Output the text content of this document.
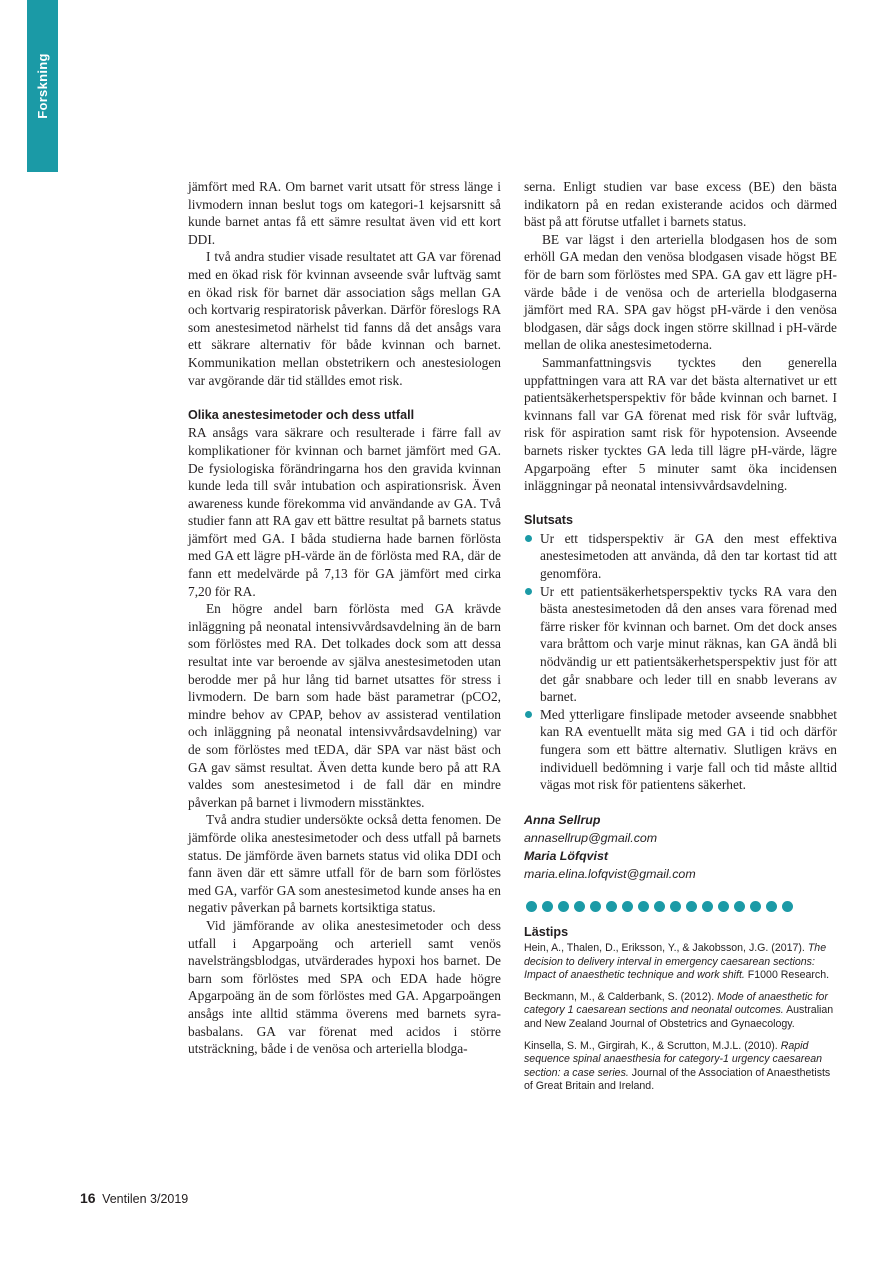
Forskning

jämfört med RA. Om barnet varit utsatt för stress länge i livmodern innan beslut togs om kategori-1 kejsarsnitt så kunde barnet antas få ett sämre resultat även vid ett kort DDI.

I två andra studier visade resultatet att GA var förenad med en ökad risk för kvinnan avseende svår luftväg samt en ökad risk för barnet där association sågs mellan GA och kortvarig respiratorisk påverkan. Därför föreslogs RA som anestesimetod närhelst tid fanns då det ansågs vara ett säkrare alternativ för både kvinnan och barnet. Kommunikation mellan obstetrikern och anestesiologen var avgörande där tid ställdes emot risk.

Olika anestesimetoder och dess utfall

RA ansågs vara säkrare och resulterade i färre fall av komplikationer för kvinnan och barnet jämfört med GA. De fysiologiska förändringarna hos den gravida kvinnan kunde leda till svår intubation och aspirationsrisk. Även awareness kunde förekomma vid användande av GA. Två studier fann att RA gav ett bättre resultat på barnets status jämfört med GA. I båda studierna hade barnen förlösta med GA ett lägre pH-värde än de förlösta med RA, där de fann ett medelvärde på 7,13 för GA jämfört med cirka 7,20 för RA.

En högre andel barn förlösta med GA krävde inläggning på neonatal intensivvårdsavdelning än de barn som förlöstes med RA. Det tolkades dock som att dessa resultat inte var beroende av själva anestesimetoden utan berodde mer på hur lång tid barnet utsattes för stress i livmodern. De barn som hade bäst parametrar (pCO2, mindre behov av CPAP, behov av assisterad ventilation och inläggning på neonatal intensivvårdsavdelning) var de som förlöstes med tEDA, där SPA var näst bäst och GA gav sämst resultat. Även detta kunde bero på att RA valdes som anestesimetod i de fall där en mindre påverkan på barnet i livmodern misstänktes.

Två andra studier undersökte också detta fenomen. De jämförde olika anestesimetoder och dess utfall på barnets status. De jämförde även barnets status vid olika DDI och fann även där ett sämre utfall för de barn som förlöstes med GA, varför GA som anestesimetod kunde anses ha en negativ påverkan på barnets kortsiktiga status.

Vid jämförande av olika anestesimetoder och dess utfall i Apgarpoäng och arteriell samt venös navelsträngsblodgas, utvärderades hypoxi hos barnet. De barn som förlöstes med SPA och EDA hade högre Apgarpoäng än de som förlöstes med GA. Apgarpoängen ansågs inte alltid stämma överens med barnets syra-basbalans. GA var förenat med acidos i större utsträckning, både i de venösa och arteriella blodga-

serna. Enligt studien var base excess (BE) den bästa indikatorn på en redan existerande acidos och därmed bäst på att förutse utfallet i barnets status.

BE var lägst i den arteriella blodgasen hos de som erhöll GA medan den venösa blodgasen visade högst BE för de barn som förlöstes med SPA. GA gav ett lägre pH-värde både i de venösa och de arteriella blodgaserna jämfört med RA. SPA gav högst pH-värde i den venösa blodgasen, där sågs dock ingen större skillnad i pH-värde mellan de olika anestesimetoderna.

Sammanfattningsvis tycktes den generella uppfattningen vara att RA var det bästa alternativet ur ett patientsäkerhetsperspektiv för både kvinnan och barnet. I kvinnans fall var GA förenat med risk för svår luftväg, risk för aspiration samt risk för hypotension. Avseende barnets risker tycktes GA leda till lägre pH-värde, lägre Apgarpoäng efter 5 minuter samt öka incidensen inläggningar på neonatal intensivvårdsavdelning.

Slutsats
Ur ett tidsperspektiv är GA den mest effektiva anestesimetoden att använda, då den tar kortast tid att genomföra.
Ur ett patientsäkerhetsperspektiv tycks RA vara den bästa anestesimetoden då den anses vara förenad med färre risker för kvinnan och barnet. Om det dock anses vara bråttom och varje minut räknas, kan GA ändå bli nödvändig ur ett patientsäkerhetsperspektiv just för att det går snabbare och leder till en snabb leverans av barnet.
Med ytterligare finslipade metoder avseende snabbhet kan RA eventuellt mäta sig med GA i tid och därför fungera som ett bättre alternativ. Slutligen krävs en individuell bedömning i varje fall och tid måste alltid vägas mot risk för patientens säkerhet.

Anna Sellrup

annasellrup@gmail.com

Maria Löfqvist

maria.elina.lofqvist@gmail.com

Lästips

Hein, A., Thalen, D., Eriksson, Y., & Jakobsson, J.G. (2017). The decision to delivery interval in emergency caesarean sections: Impact of anaesthetic technique and work shift. F1000 Research.

Beckmann, M., & Calderbank, S. (2012). Mode of anaesthetic for category 1 caesarean sections and neonatal outcomes. Australian and New Zealand Journal of Obstetrics and Gynaecology.

Kinsella, S. M., Girgirah, K., & Scrutton, M.J.L. (2010). Rapid sequence spinal anaesthesia for category-1 urgency caesarean section: a case series. Journal of the Association of Anaesthetists of Great Britain and Ireland.

16 Ventilen 3/2019
